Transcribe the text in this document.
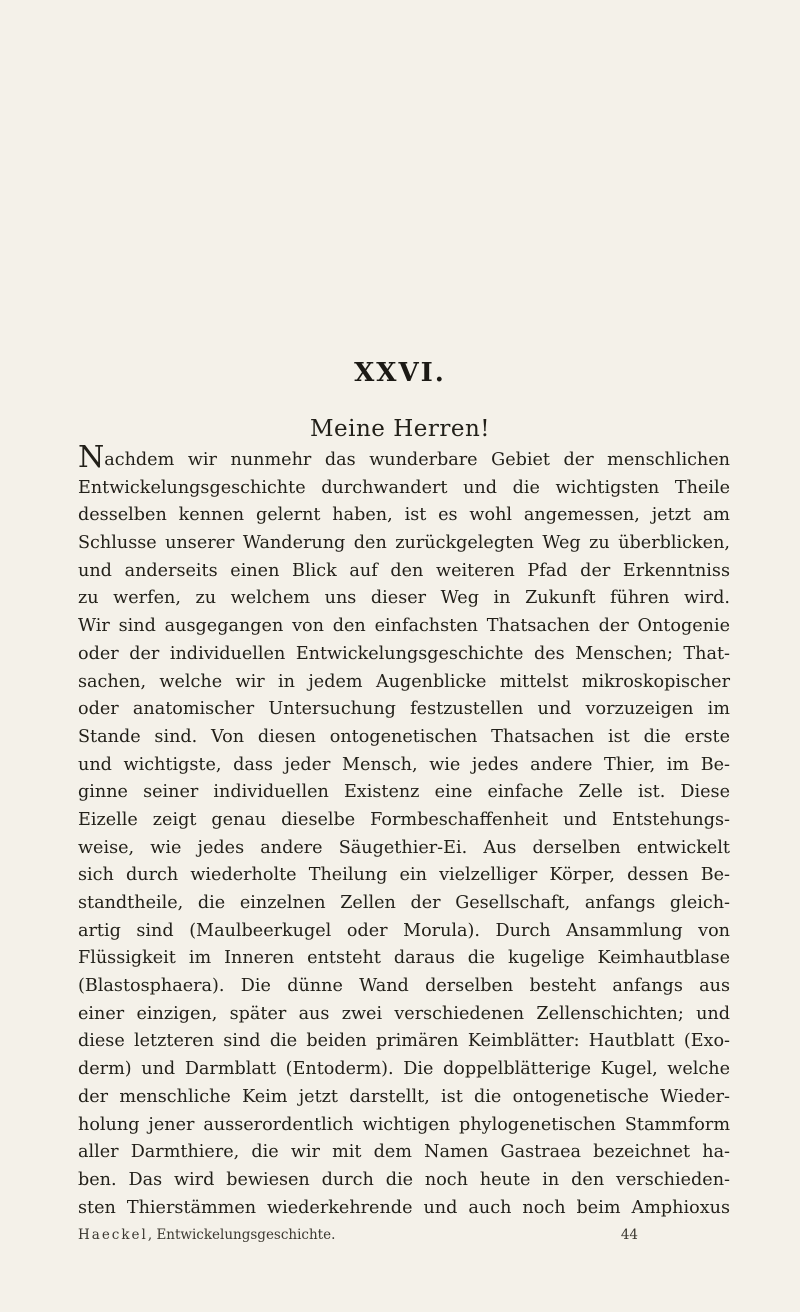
XXVI.
Meine Herren!
Nachdem wir nunmehr das wunderbare Gebiet der menschlichen
Entwickelungsgeschichte durchwandert und die wichtigsten Theile
desselben kennen gelernt haben, ist es wohl angemessen, jetzt am
Schlusse unserer Wanderung den zurückgelegten Weg zu überblicken,
und anderseits einen Blick auf den weiteren Pfad der Erkenntniss
zu werfen, zu welchem uns dieser Weg in Zukunft führen wird.
Wir sind ausgegangen von den einfachsten Thatsachen der Ontogenie
oder der individuellen Entwickelungsgeschichte des Menschen; That-
sachen, welche wir in jedem Augenblicke mittelst mikroskopischer
oder anatomischer Untersuchung festzustellen und vorzuzeigen im
Stande sind. Von diesen ontogenetischen Thatsachen ist die erste
und wichtigste, dass jeder Mensch, wie jedes andere Thier, im Be-
ginne seiner individuellen Existenz eine einfache Zelle ist. Diese
Eizelle zeigt genau dieselbe Formbeschaffenheit und Entstehungs-
weise, wie jedes andere Säugethier-Ei. Aus derselben entwickelt
sich durch wiederholte Theilung ein vielzelliger Körper, dessen Be-
standtheile, die einzelnen Zellen der Gesellschaft, anfangs gleich-
artig sind (Maulbeerkugel oder Morula). Durch Ansammlung von
Flüssigkeit im Inneren entsteht daraus die kugelige Keimhautblase
(Blastosphaera). Die dünne Wand derselben besteht anfangs aus
einer einzigen, später aus zwei verschiedenen Zellenschichten; und
diese letzteren sind die beiden primären Keimblätter: Hautblatt (Exo-
derm) und Darmblatt (Entoderm). Die doppelblätterige Kugel, welche
der menschliche Keim jetzt darstellt, ist die ontogenetische Wieder-
holung jener ausserordentlich wichtigen phylogenetischen Stammform
aller Darmthiere, die wir mit dem Namen Gastraea bezeichnet ha-
ben. Das wird bewiesen durch die noch heute in den verschieden-
sten Thierstämmen wiederkehrende und auch noch beim Amphioxus
Haeckel, Entwickelungsgeschichte.	44
